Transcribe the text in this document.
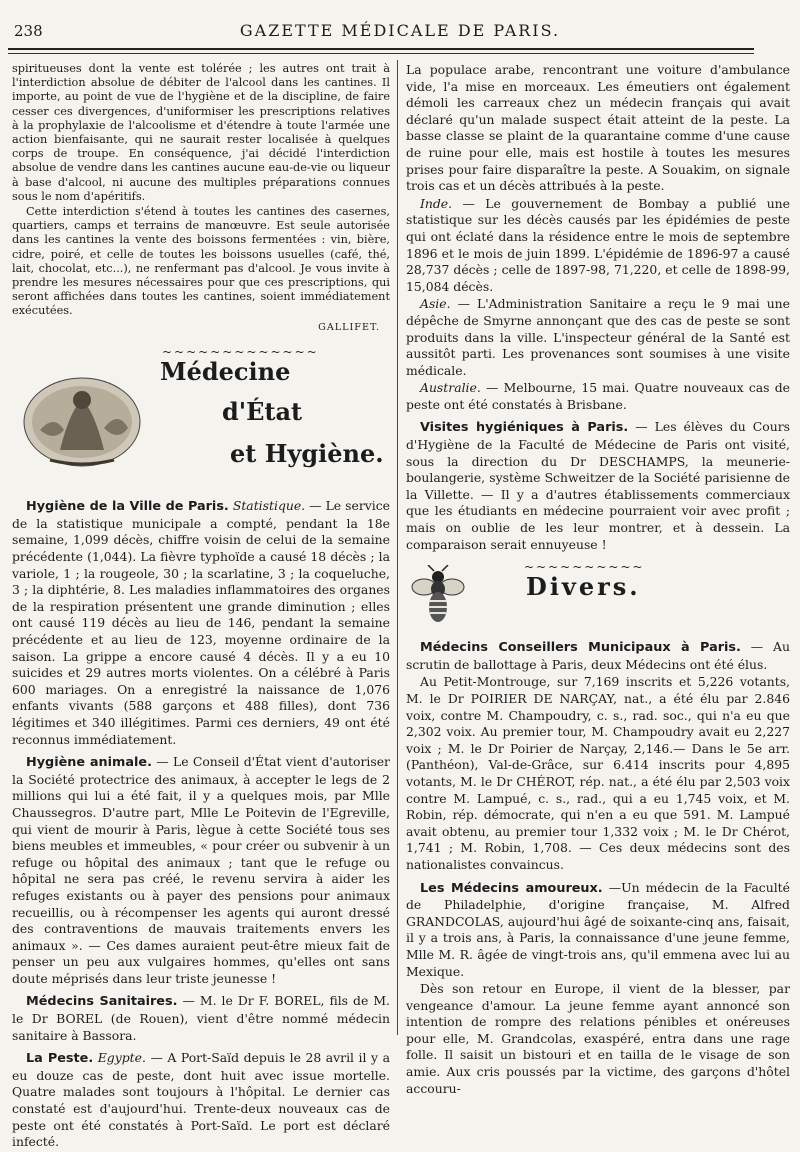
238	GAZETTE MÉDICALE DE PARIS.

spiritueuses dont la vente est tolérée ; les autres ont trait à l'interdiction absolue de débiter de l'alcool dans les cantines. Il importe, au point de vue de l'hygiène et de la discipline, de faire cesser ces divergences, d'uniformiser les prescriptions relatives à la prophylaxie de l'alcoolisme et d'étendre à toute l'armée une action bienfaisante, qui ne saurait rester localisée à quelques corps de troupe. En conséquence, j'ai décidé l'interdiction absolue de vendre dans les cantines aucune eau-de-vie ou liqueur à base d'alcool, ni aucune des multiples préparations connues sous le nom d'apéritifs.

Cette interdiction s'étend à toutes les cantines des casernes, quartiers, camps et terrains de manœuvre. Est seule autorisée dans les cantines la vente des boissons fermentées : vin, bière, cidre, poiré, et celle de toutes les boissons usuelles (café, thé, lait, chocolat, etc...), ne renfermant pas d'alcool. Je vous invite à prendre les mesures nécessaires pour que ces prescriptions, qui seront affichées dans toutes les cantines, soient immédiatement exécutées.

GALLIFET.
~~~~~~~~~~~~~
Médecine
d'État
et Hygiène.

Hygiène de la Ville de Paris. Statistique. — Le service de la statistique municipale a compté, pendant la 18e semaine, 1,099 décès, chiffre voisin de celui de la semaine précédente (1,044). La fièvre typhoïde a causé 18 décès ; la variole, 1 ; la rougeole, 30 ; la scarlatine, 3 ; la coqueluche, 3 ; la diphtérie, 8. Les maladies inflammatoires des organes de la respiration présentent une grande diminution ; elles ont causé 119 décès au lieu de 146, pendant la semaine précédente et au lieu de 123, moyenne ordinaire de la saison. La grippe a encore causé 4 décès. Il y a eu 10 suicides et 29 autres morts violentes. On a célébré à Paris 600 mariages. On a enregistré la naissance de 1,076 enfants vivants (588 garçons et 488 filles), dont 736 légitimes et 340 illégitimes. Parmi ces derniers, 49 ont été reconnus immédiatement.

Hygiène animale. — Le Conseil d'État vient d'autoriser la Société protectrice des animaux, à accepter le legs de 2 millions qui lui a été fait, il y a quelques mois, par Mlle Chaussegros. D'autre part, Mlle Le Poitevin de l'Egreville, qui vient de mourir à Paris, lègue à cette Société tous ses biens meubles et immeubles, « pour créer ou subvenir à un refuge ou hôpital des animaux ; tant que le refuge ou hôpital ne sera pas créé, le revenu servira à aider les refuges existants ou à payer des pensions pour animaux recueillis, ou à récompenser les agents qui auront dressé des contraventions de mauvais traitements envers les animaux ». — Ces dames auraient peut-être mieux fait de penser un peu aux vulgaires hommes, qu'elles ont sans doute méprisés dans leur triste jeunesse !

Médecins Sanitaires. — M. le Dr F. BOREL, fils de M. le Dr BOREL (de Rouen), vient d'être nommé médecin sanitaire à Bassora.

La Peste. Egypte. — A Port-Saïd depuis le 28 avril il y a eu douze cas de peste, dont huit avec issue mortelle. Quatre malades sont toujours à l'hôpital. Le dernier cas constaté est d'aujourd'hui. Trente-deux nouveaux cas de peste ont été constatés à Port-Saïd. Le port est déclaré infecté.

La populace arabe, rencontrant une voiture d'ambulance vide, l'a mise en morceaux. Les émeutiers ont également démoli les carreaux chez un médecin français qui avait déclaré qu'un malade suspect était atteint de la peste. La basse classe se plaint de la quarantaine comme d'une cause de ruine pour elle, mais est hostile à toutes les mesures prises pour faire disparaître la peste. A Souakim, on signale trois cas et un décès attribués à la peste.

Inde. — Le gouvernement de Bombay a publié une statistique sur les décès causés par les épidémies de peste qui ont éclaté dans la résidence entre le mois de septembre 1896 et le mois de juin 1899. L'épidémie de 1896-97 a causé 28,737 décès ; celle de 1897-98, 71,220, et celle de 1898-99, 15,084 décès.

Asie. — L'Administration Sanitaire a reçu le 9 mai une dépêche de Smyrne annonçant que des cas de peste se sont produits dans la ville. L'inspecteur général de la Santé est aussitôt parti. Les provenances sont soumises à une visite médicale.

Australie. — Melbourne, 15 mai. Quatre nouveaux cas de peste ont été constatés à Brisbane.

Visites hygiéniques à Paris. — Les élèves du Cours d'Hygiène de la Faculté de Médecine de Paris ont visité, sous la direction du Dr DESCHAMPS, la meunerie-boulangerie, système Schweitzer de la Société parisienne de la Villette. — Il y a d'autres établissements commerciaux que les étudiants en médecine pourraient voir avec profit ; mais on oublie de les leur montrer, et à dessein. La comparaison serait ennuyeuse !

~~~~~~~~~~
Divers.

Médecins Conseillers Municipaux à Paris. — Au scrutin de ballottage à Paris, deux Médecins ont été élus.

Au Petit-Montrouge, sur 7,169 inscrits et 5,226 votants, M. le Dr POIRIER DE NARÇAY, nat., a été élu par 2.846 voix, contre M. Champoudry, c. s., rad. soc., qui n'a eu que 2,302 voix. Au premier tour, M. Champoudry avait eu 2,227 voix ; M. le Dr Poirier de Narçay, 2,146.— Dans le 5e arr. (Panthéon), Val-de-Grâce, sur 6.414 inscrits pour 4,895 votants, M. le Dr CHÉROT, rép. nat., a été élu par 2,503 voix contre M. Lampué, c. s., rad., qui a eu 1,745 voix, et M. Robin, rép. démocrate, qui n'en a eu que 591. M. Lampué avait obtenu, au premier tour 1,332 voix ; M. le Dr Chérot, 1,741 ; M. Robin, 1,708. — Ces deux médecins sont des nationalistes convaincus.

Les Médecins amoureux. —Un médecin de la Faculté de Philadelphie, d'origine française, M. Alfred GRANDCOLAS, aujourd'hui âgé de soixante-cinq ans, faisait, il y a trois ans, à Paris, la connaissance d'une jeune femme, Mlle M. R. âgée de vingt-trois ans, qu'il emmena avec lui au Mexique.

Dès son retour en Europe, il vient de la blesser, par vengeance d'amour. La jeune femme ayant annoncé son intention de rompre des relations pénibles et onéreuses pour elle, M. Grandcolas, exaspéré, entra dans une rage folle. Il saisit un bistouri et en tailla de le visage de son amie. Aux cris poussés par la victime, des garçons d'hôtel accouru-
